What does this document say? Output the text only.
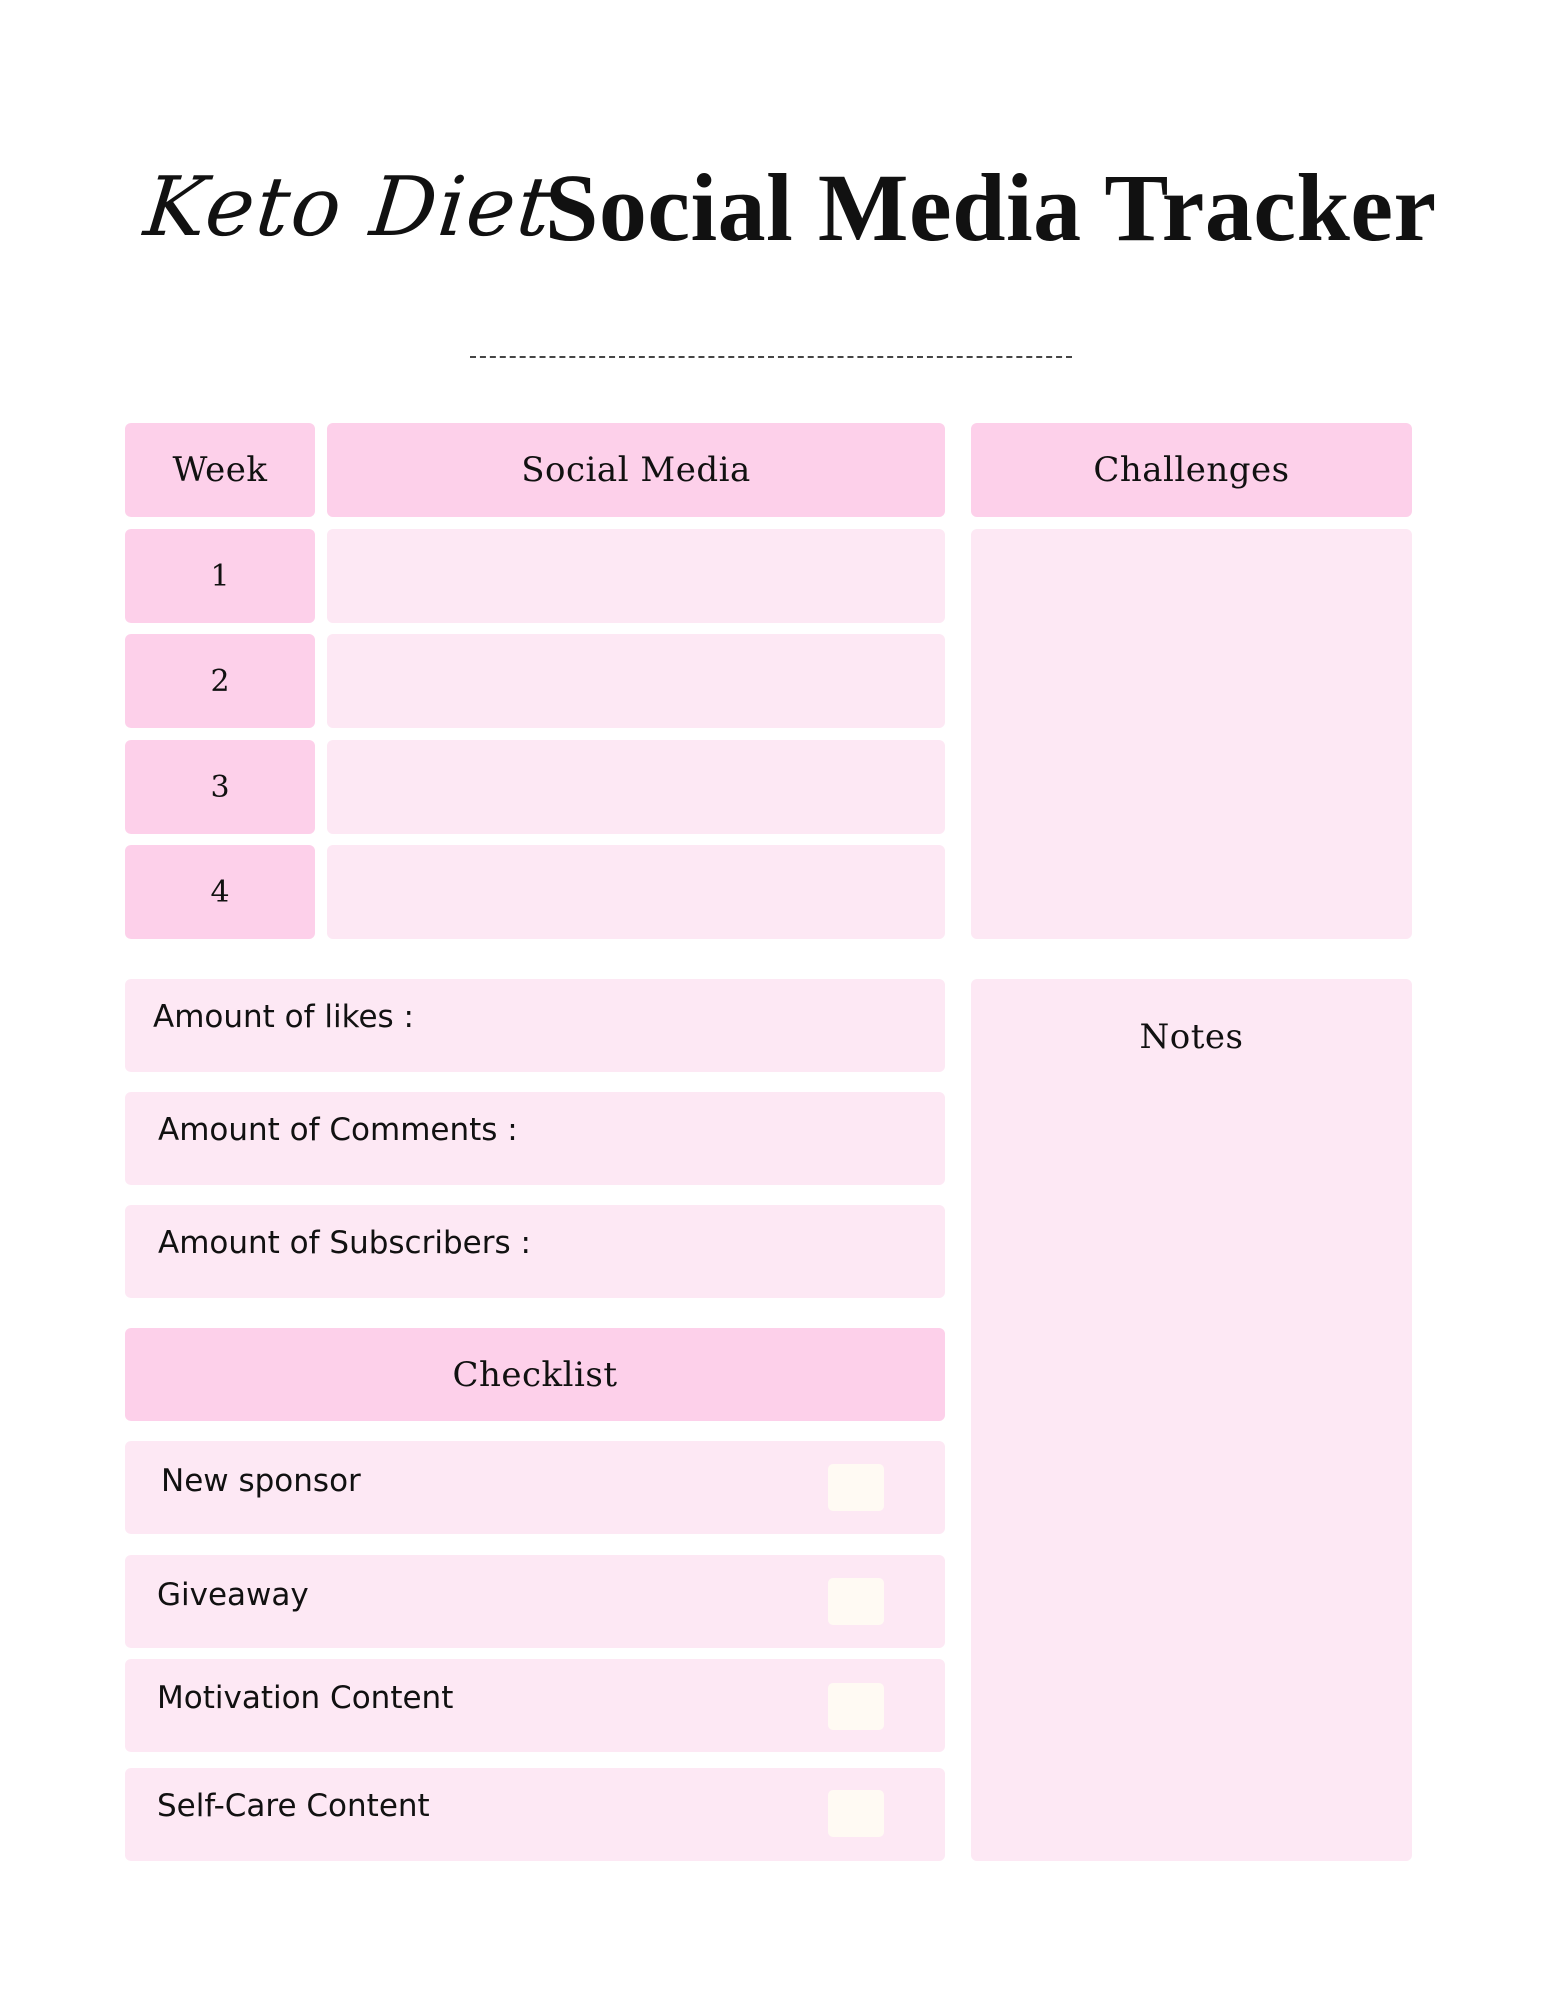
Keto Diet
Social Media Tracker
Week	Social Media	Challenges
1
2
3
4
Amount of likes :
Amount of Comments :
Amount of Subscribers :
Notes
Checklist
New sponsor
Giveaway
Motivation Content
Self-Care Content
